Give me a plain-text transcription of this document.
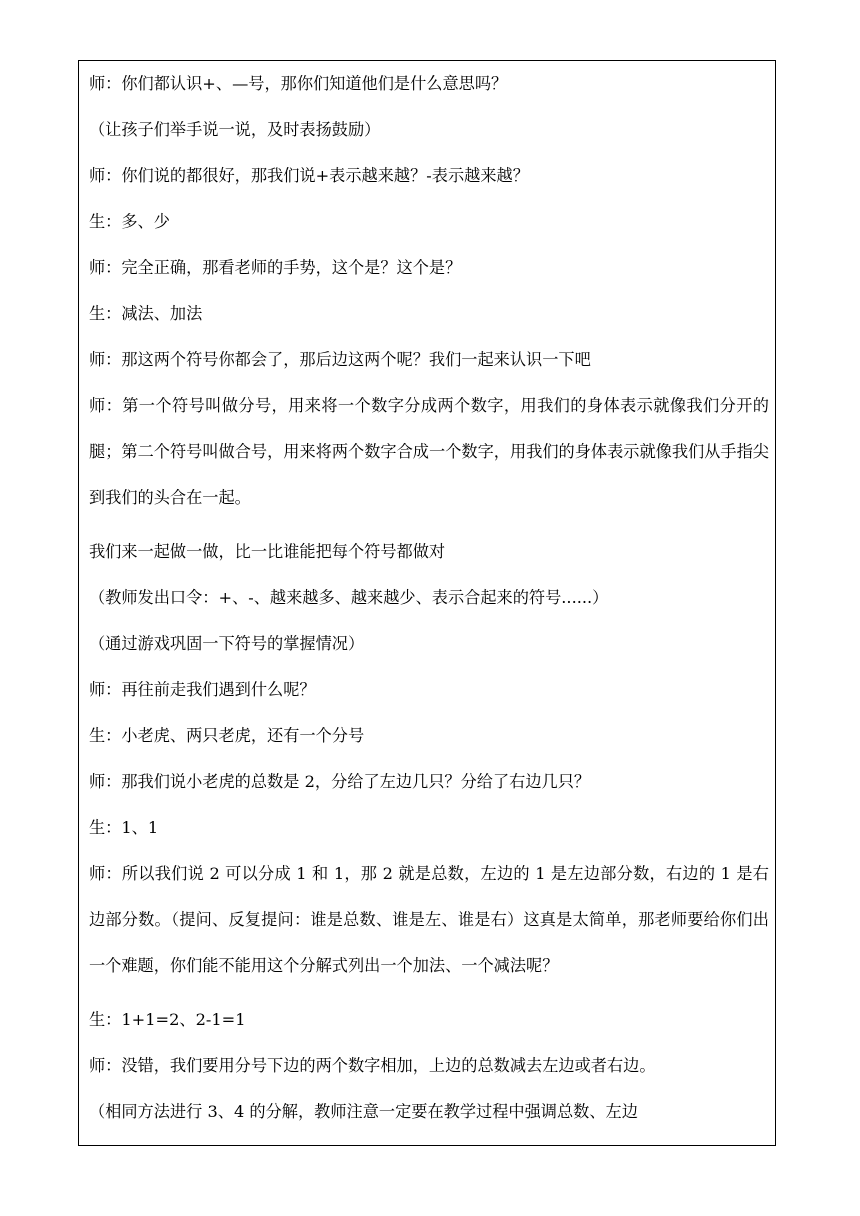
师：你们都认识+、—号，那你们知道他们是什么意思吗？

（让孩子们举手说一说，及时表扬鼓励）

师：你们说的都很好，那我们说+表示越来越？-表示越来越？

生：多、少

师：完全正确，那看老师的手势，这个是？这个是？

生：减法、加法

师：那这两个符号你都会了，那后边这两个呢？我们一起来认识一下吧

师：第一个符号叫做分号，用来将一个数字分成两个数字，用我们的身体表示就像我们分开的腿；第二个符号叫做合号，用来将两个数字合成一个数字，用我们的身体表示就像我们从手指尖到我们的头合在一起。

我们来一起做一做，比一比谁能把每个符号都做对

（教师发出口令：+、-、越来越多、越来越少、表示合起来的符号......）

（通过游戏巩固一下符号的掌握情况）

师：再往前走我们遇到什么呢？

生：小老虎、两只老虎，还有一个分号

师：那我们说小老虎的总数是 2，分给了左边几只？分给了右边几只？

生：1、1

师：所以我们说 2 可以分成 1 和 1，那 2 就是总数，左边的 1 是左边部分数，右边的 1 是右边部分数。（提问、反复提问：谁是总数、谁是左、谁是右）这真是太简单，那老师要给你们出一个难题，你们能不能用这个分解式列出一个加法、一个减法呢？

生：1+1=2、2-1=1

师：没错，我们要用分号下边的两个数字相加，上边的总数减去左边或者右边。

（相同方法进行 3、4 的分解，教师注意一定要在教学过程中强调总数、左边
